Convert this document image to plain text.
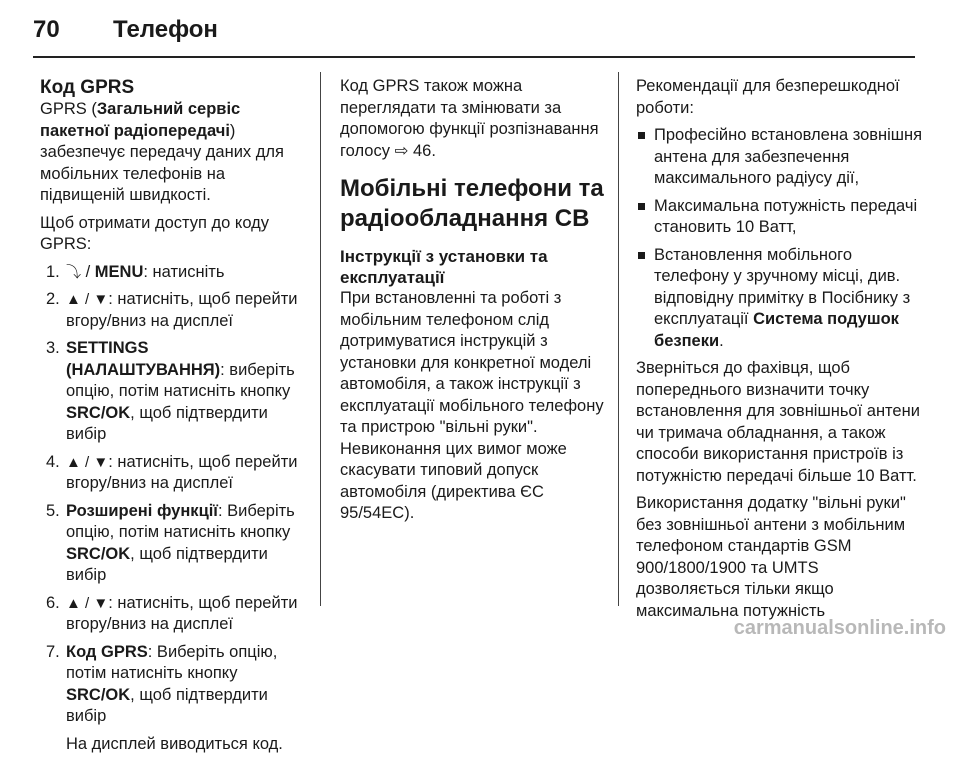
70 Телефон
Код GPRS

GPRS (Загальний сервіс пакетної радіопередачі) забезпечує передачу даних для мобільних телефонів на підвищеній швидкості.

Щоб отримати доступ до коду GPRS:

1. ⤵ / MENU: натисніть
2. ▲ / ▼: натисніть, щоб перейти вгору/вниз на дисплеї
3. SETTINGS (НАЛАШТУВАННЯ): виберіть опцію, потім натисніть кнопку SRC/OK, щоб підтвердити вибір
4. ▲ / ▼: натисніть, щоб перейти вгору/вниз на дисплеї
5. Розширені функції: Виберіть опцію, потім натисніть кнопку SRC/OK, щоб підтвердити вибір
6. ▲ / ▼: натисніть, щоб перейти вгору/вниз на дисплеї
7. Код GPRS: Виберіть опцію, потім натисніть кнопку SRC/OK, щоб підтвердити вибір

На дисплей виводиться код.

Код GPRS також можна переглядати та змінювати за допомогою функції розпізнавання голосу ⇨ 46.

Мобільні телефони та радіообладнання СВ
Інструкції з установки та експлуатації

При встановленні та роботі з мобільним телефоном слід дотримуватися інструкцій з установки для конкретної моделі автомобіля, а також інструкції з експлуатації мобільного телефону та пристрою "вільні руки". Невиконання цих вимог може скасувати типовий допуск автомобіля (директива ЄС 95/54EC).

Рекомендації для безперешкодної роботи:

Професійно встановлена зовнішня антена для забезпечення максимального радіусу дії,
Максимальна потужність передачі становить 10 Ватт,
Встановлення мобільного телефону у зручному місці, див. відповідну примітку в Посібнику з експлуатації Система подушок безпеки.

Зверніться до фахівця, щоб попереднього визначити точку встановлення для зовнішньої антени чи тримача обладнання, а також способи використання пристроїв із потужністю передачі більше 10 Ватт.

Використання додатку "вільні руки" без зовнішньої антени з мобільним телефоном стандартів GSM 900/1800/1900 та UMTS дозволяється тільки якщо максимальна потужність

carmanualsonline.info
